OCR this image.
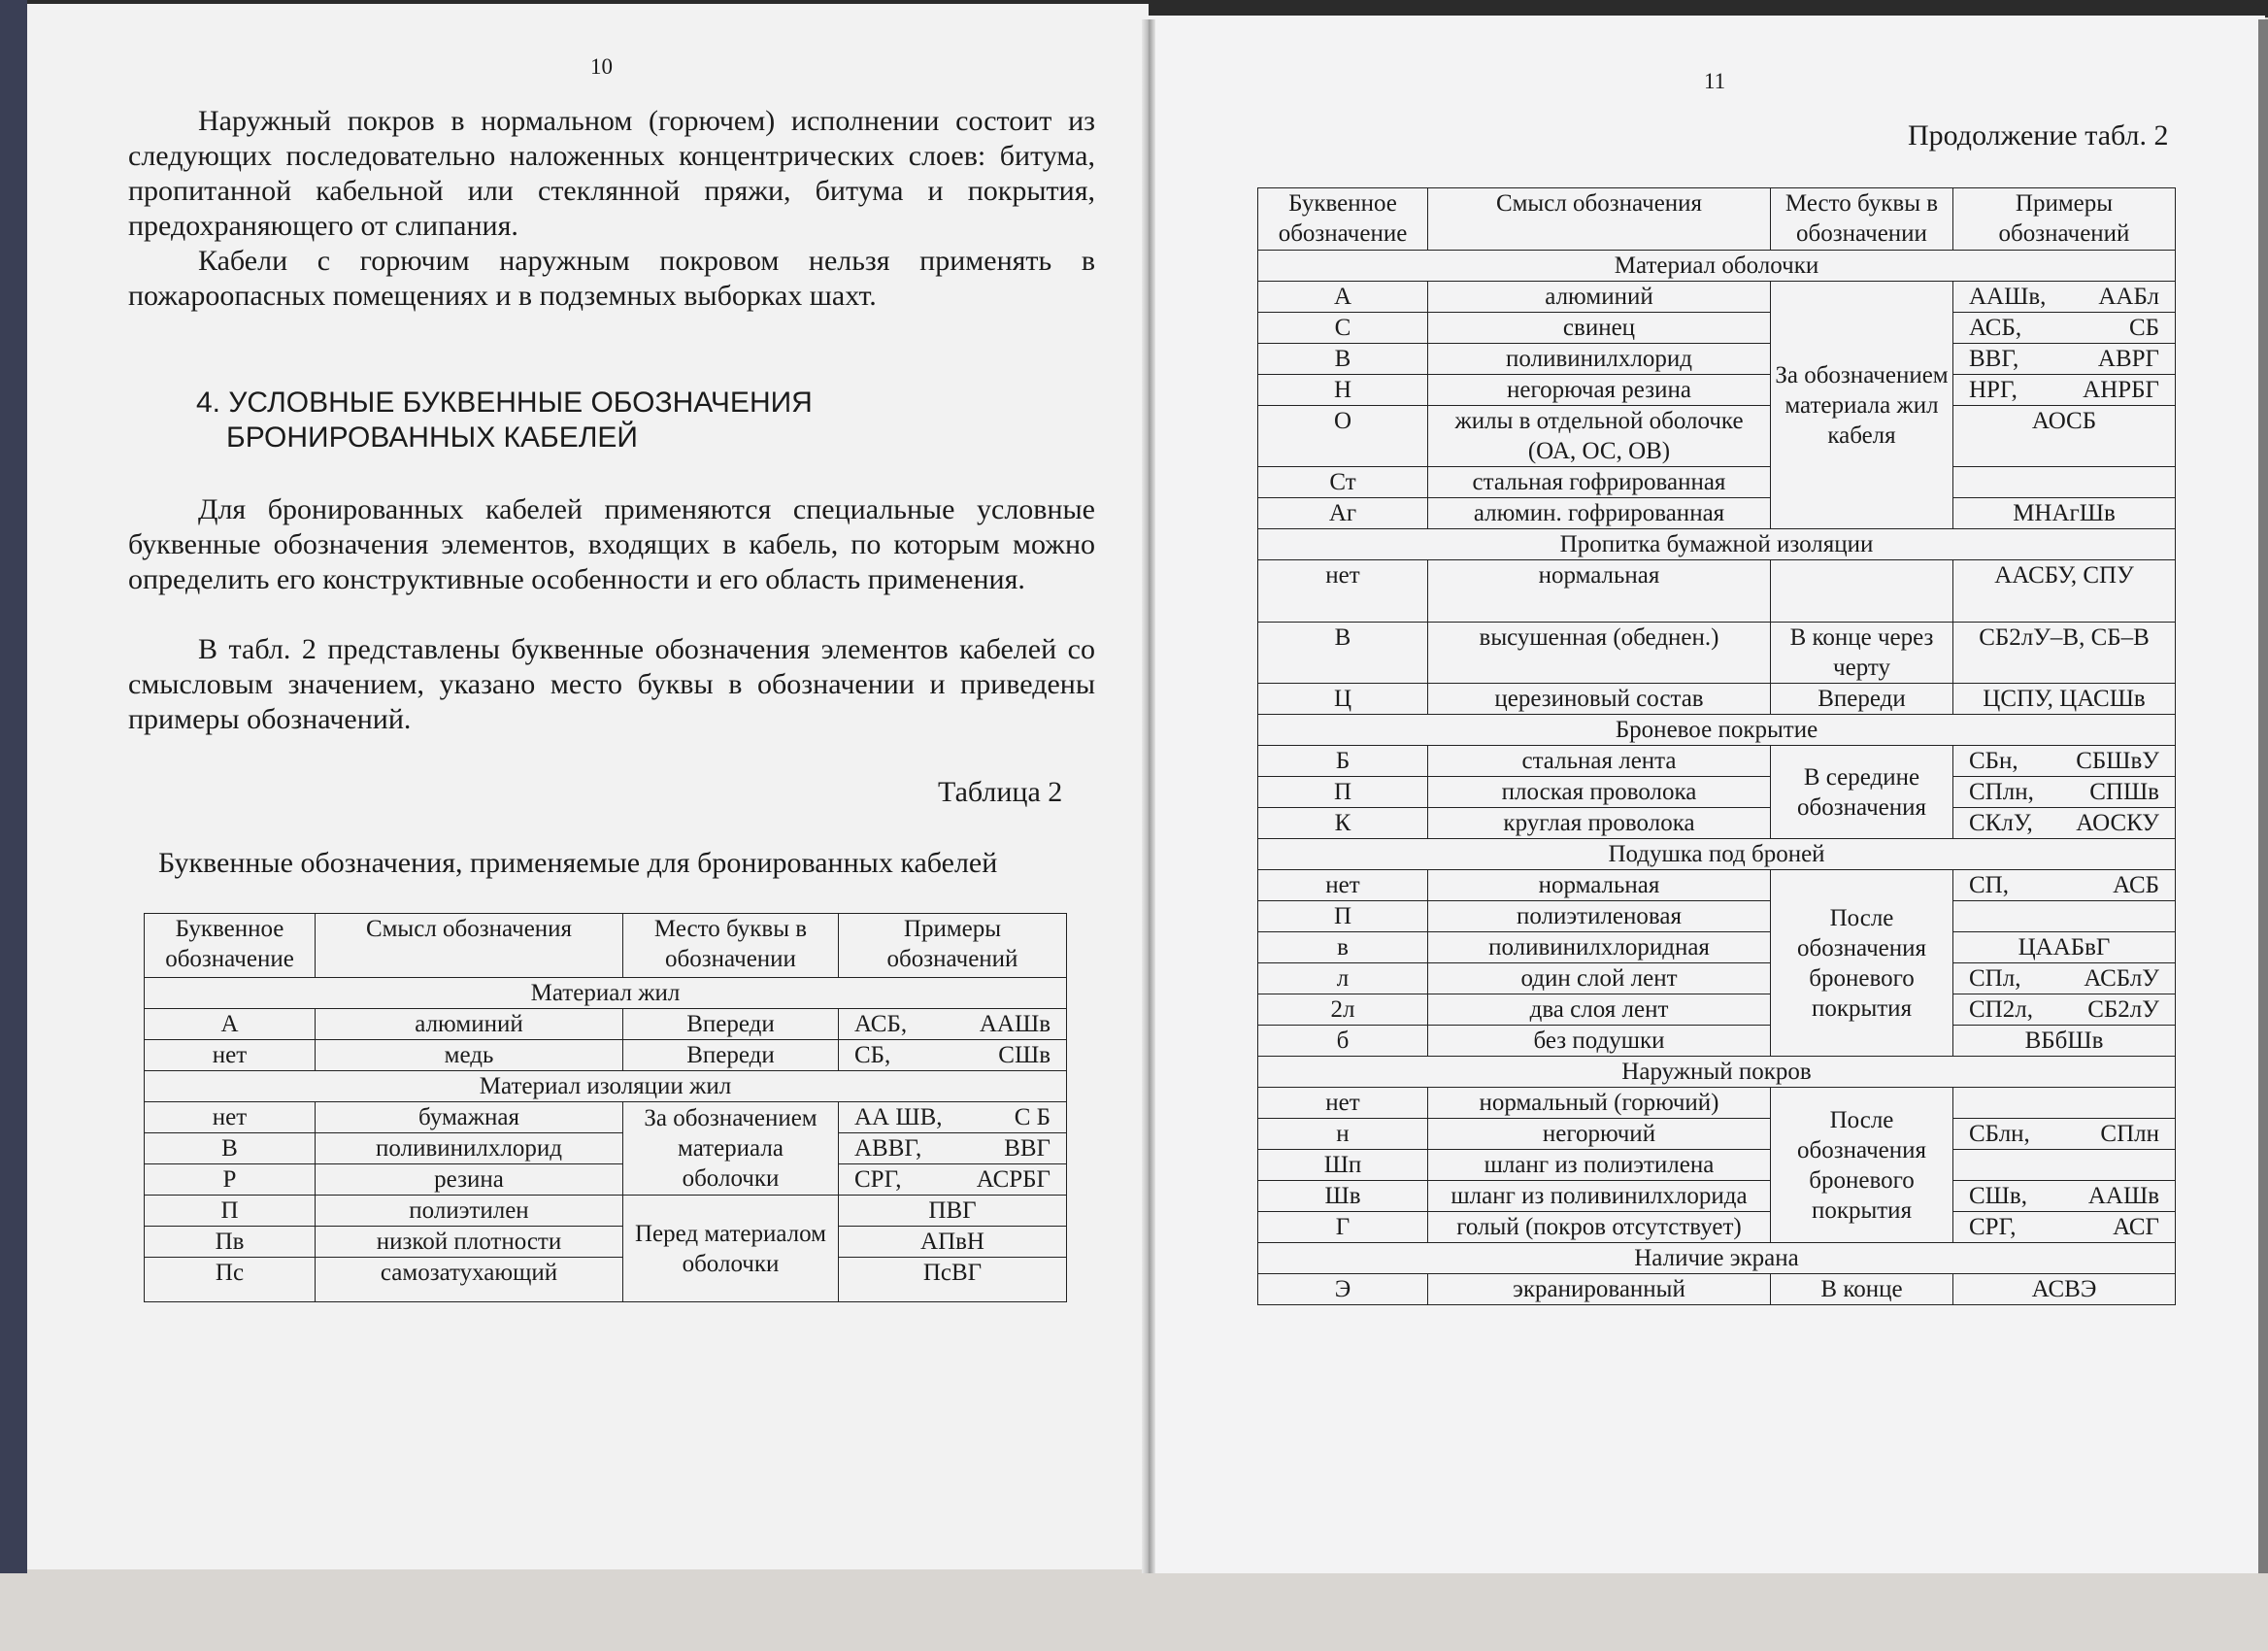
10

Наружный покров в нормальном (горючем) исполнении состоит из следующих последовательно наложенных концентрических слоев: битума, пропитанной кабельной или стеклянной пряжи, битума и покрытия, предохраняющего от слипания.

Кабели с горючим наружным покровом нельзя применять в пожароопасных помещениях и в подземных выборках шахт.

4. УСЛОВНЫЕ БУКВЕННЫЕ ОБОЗНАЧЕНИЯ

БРОНИРОВАННЫХ КАБЕЛЕЙ

Для бронированных кабелей применяются специальные условные буквенные обозначения элементов, входящих в кабель, по которым можно определить его конструктивные особенности и его область применения.

В табл. 2 представлены буквенные обозначения элементов кабелей со смысловым значением, указано место буквы в обозначении и приведены примеры обозначений.

Таблица 2
Буквенные обозначения, применяемые для бронированных кабелей
11
Продолжение табл. 2
Буквенное обозначение	Смысл обозначения	Место буквы в обозначении	Примеры обозначений
Материал жил			
А	алюминий	Впереди	АСБ, ААШв

нет	медь	Впереди	СБ, СШв

Материал изоляции жил			
нет	бумажная	За обозначением материала оболочки	АА ШВ, С Б

В	поливинилхлорид		АВВГ, ВВГ

Р	резина		СРГ, АСРБГ

П	полиэтилен	Перед материалом оболочки	ПВГ
Пв	низкой плотности		АПвН
Пс	самозатухающий		ПсВГ
Буквенное обозначение	Смысл обозначения	Место буквы в обозначении	Примеры обозначений
Материал оболочки			
А	алюминий	За обозначением материала жил кабеля	ААШв, ААБл

С	свинец		АСБ, СБ

В	поливинилхлорид		ВВГ, АВРГ

Н	негорючая резина		НРГ, АНРБГ

О	жилы в отдельной оболочке (ОА, ОС, ОВ)		АОСБ
Ст	стальная гофрированная		
Аг	алюмин. гофрированная		МНАгШв
Пропитка бумажной изоляции			
нет	нормальная		ААСБУ, СПУ
В	высушенная (обеднен.)	В конце через черту	СБ2лУ–В, СБ–В
Ц	церезиновый состав	Впереди	ЦСПУ, ЦАСШв
Броневое покрытие			
Б	стальная лента	В середине обозначения	СБн, СБШвУ

П	плоская проволока		СПлн, СПШв

К	круглая проволока		СКлУ, АОСКУ

Подушка под броней			
нет	нормальная	После обозначения броневого покрытия	СП, АСБ

П	полиэтиленовая		
в	поливинилхлоридная		ЦААБвГ
л	один слой лент		СПл, АСБлУ

2л	два слоя лент		СП2л, СБ2лУ

б	без подушки		ВБбШв
Наружный покров			
нет	нормальный (горючий)	После обозначения броневого покрытия	
н	негорючий		СБлн, СПлн

Шп	шланг из полиэтилена		
Шв	шланг из поливинилхлорида		СШв, ААШв

Г	голый (покров отсутствует)		СРГ, АСГ

Наличие экрана			
Э	экранированный	В конце	АСВЭ
